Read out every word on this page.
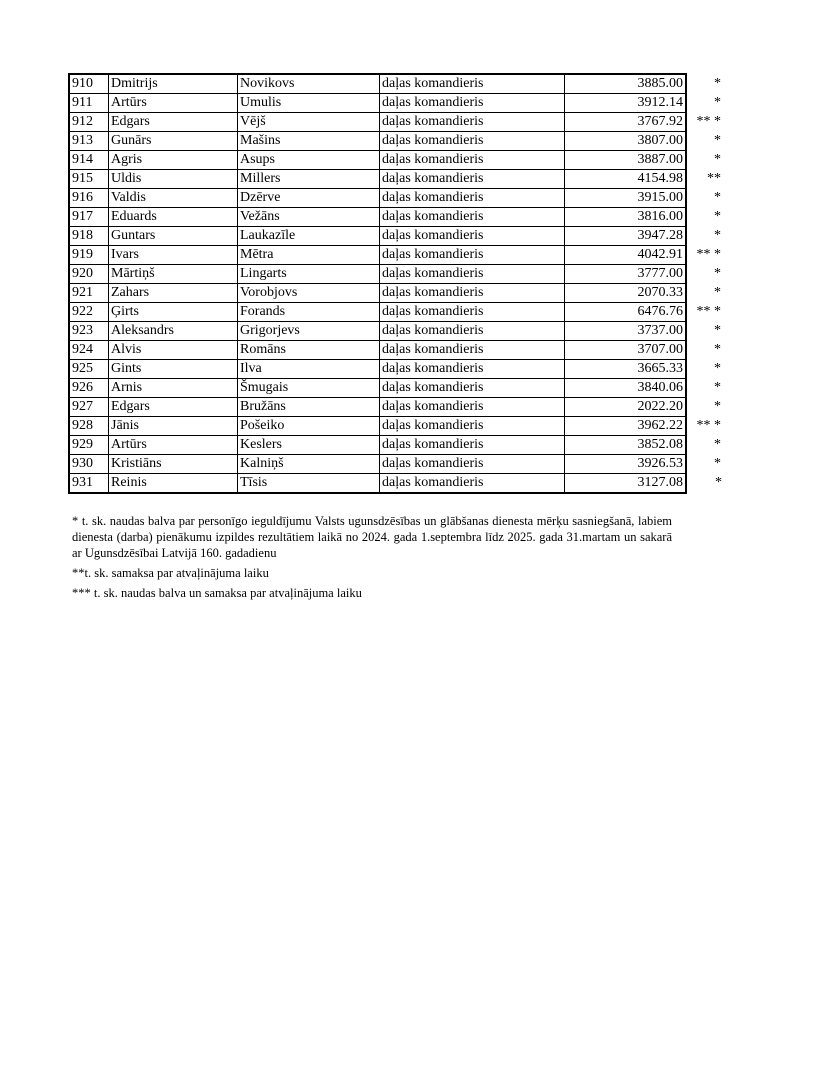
910	Dmitrijs	Novikovs	daļas komandieris	3885.00	*
911	Artūrs	Umulis	daļas komandieris	3912.14	*
912	Edgars	Vējš	daļas komandieris	3767.92	** *
913	Gunārs	Mašins	daļas komandieris	3807.00	*
914	Agris	Asups	daļas komandieris	3887.00	*
915	Uldis	Millers	daļas komandieris	4154.98	**
916	Valdis	Dzērve	daļas komandieris	3915.00	*
917	Eduards	Vežāns	daļas komandieris	3816.00	*
918	Guntars	Laukazīle	daļas komandieris	3947.28	*
919	Ivars	Mētra	daļas komandieris	4042.91	** *
920	Mārtiņš	Lingarts	daļas komandieris	3777.00	*
921	Zahars	Vorobjovs	daļas komandieris	2070.33	*
922	Ģirts	Forands	daļas komandieris	6476.76	** *
923	Aleksandrs	Grigorjevs	daļas komandieris	3737.00	*
924	Alvis	Romāns	daļas komandieris	3707.00	*
925	Gints	Ilva	daļas komandieris	3665.33	*
926	Arnis	Šmugais	daļas komandieris	3840.06	*
927	Edgars	Bružāns	daļas komandieris	2022.20	*
928	Jānis	Pošeiko	daļas komandieris	3962.22	** *
929	Artūrs	Keslers	daļas komandieris	3852.08	*
930	Kristiāns	Kalniņš	daļas komandieris	3926.53	*
931	Reinis	Tīsis	daļas komandieris	3127.08	*

* t. sk. naudas balva par personīgo ieguldījumu Valsts ugunsdzēsības un glābšanas dienesta mērķu sasniegšanā, labiem dienesta (darba) pienākumu izpildes rezultātiem laikā no 2024. gada 1.septembra līdz 2025. gada 31.martam un sakarā ar Ugunsdzēsībai Latvijā 160. gadadienu

**t. sk. samaksa par atvaļinājuma laiku

*** t. sk. naudas balva un samaksa par atvaļinājuma laiku
